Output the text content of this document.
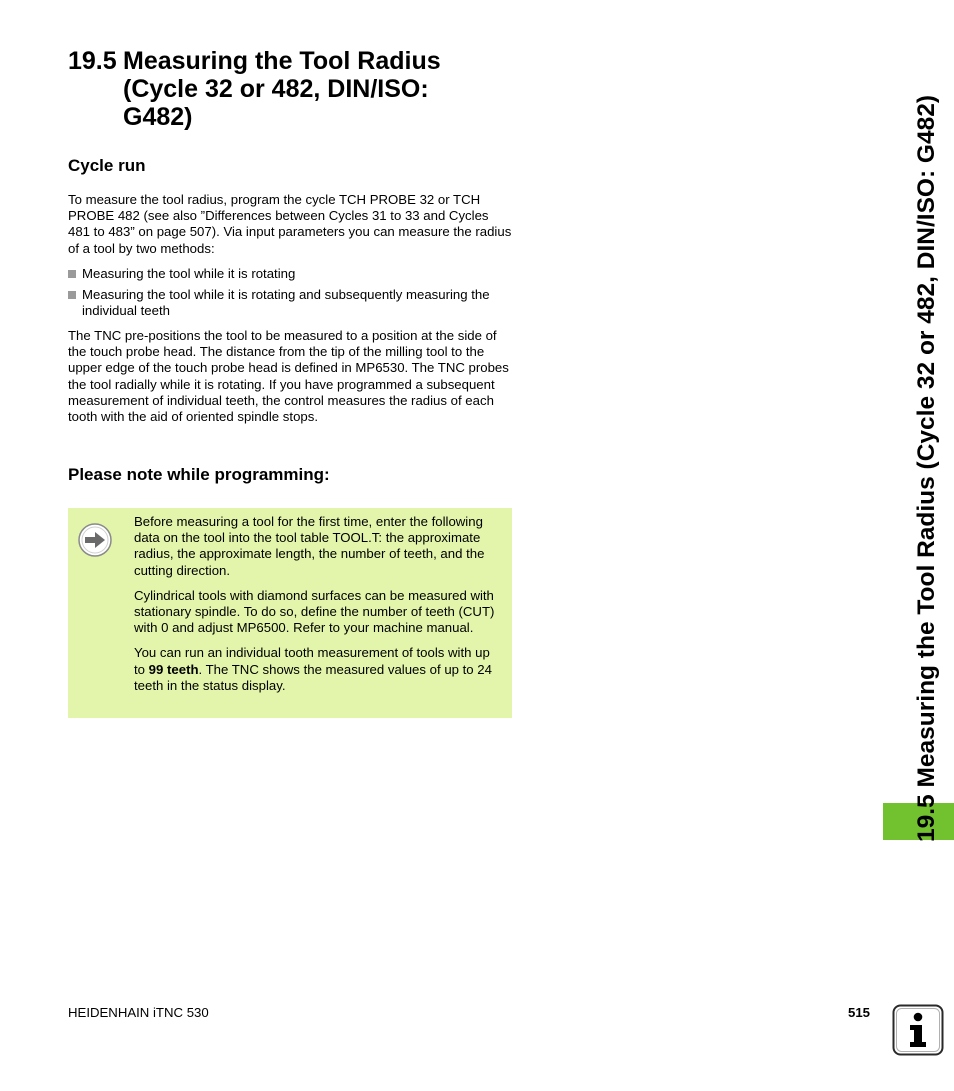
19.5 Measuring the Tool Radius
(Cycle 32 or 482, DIN/ISO:
G482)
Cycle run

To measure the tool radius, program the cycle TCH PROBE 32 or TCH PROBE 482 (see also ”Differences between Cycles 31 to 33 and Cycles 481 to 483” on page 507). Via input parameters you can measure the radius of a tool by two methods:

Measuring the tool while it is rotating
Measuring the tool while it is rotating and subsequently measuring the individual teeth

The TNC pre-positions the tool to be measured to a position at the side of the touch probe head. The distance from the tip of the milling tool to the upper edge of the touch probe head is defined in MP6530. The TNC probes the tool radially while it is rotating. If you have programmed a subsequent measurement of individual teeth, the control measures the radius of each tooth with the aid of oriented spindle stops.

Please note while programming:

Before measuring a tool for the first time, enter the following data on the tool into the tool table TOOL.T: the approximate radius, the approximate length, the number of teeth, and the cutting direction.

Cylindrical tools with diamond surfaces can be measured with stationary spindle. To do so, define the number of teeth (CUT) with 0 and adjust MP6500. Refer to your machine manual.

You can run an individual tooth measurement of tools with up to 99 teeth. The TNC shows the measured values of up to 24 teeth in the status display.	19.5 Measuring the Tool Radius (Cycle 32 or 482, DIN/ISO: G482)
HEIDENHAIN iTNC 530	515
